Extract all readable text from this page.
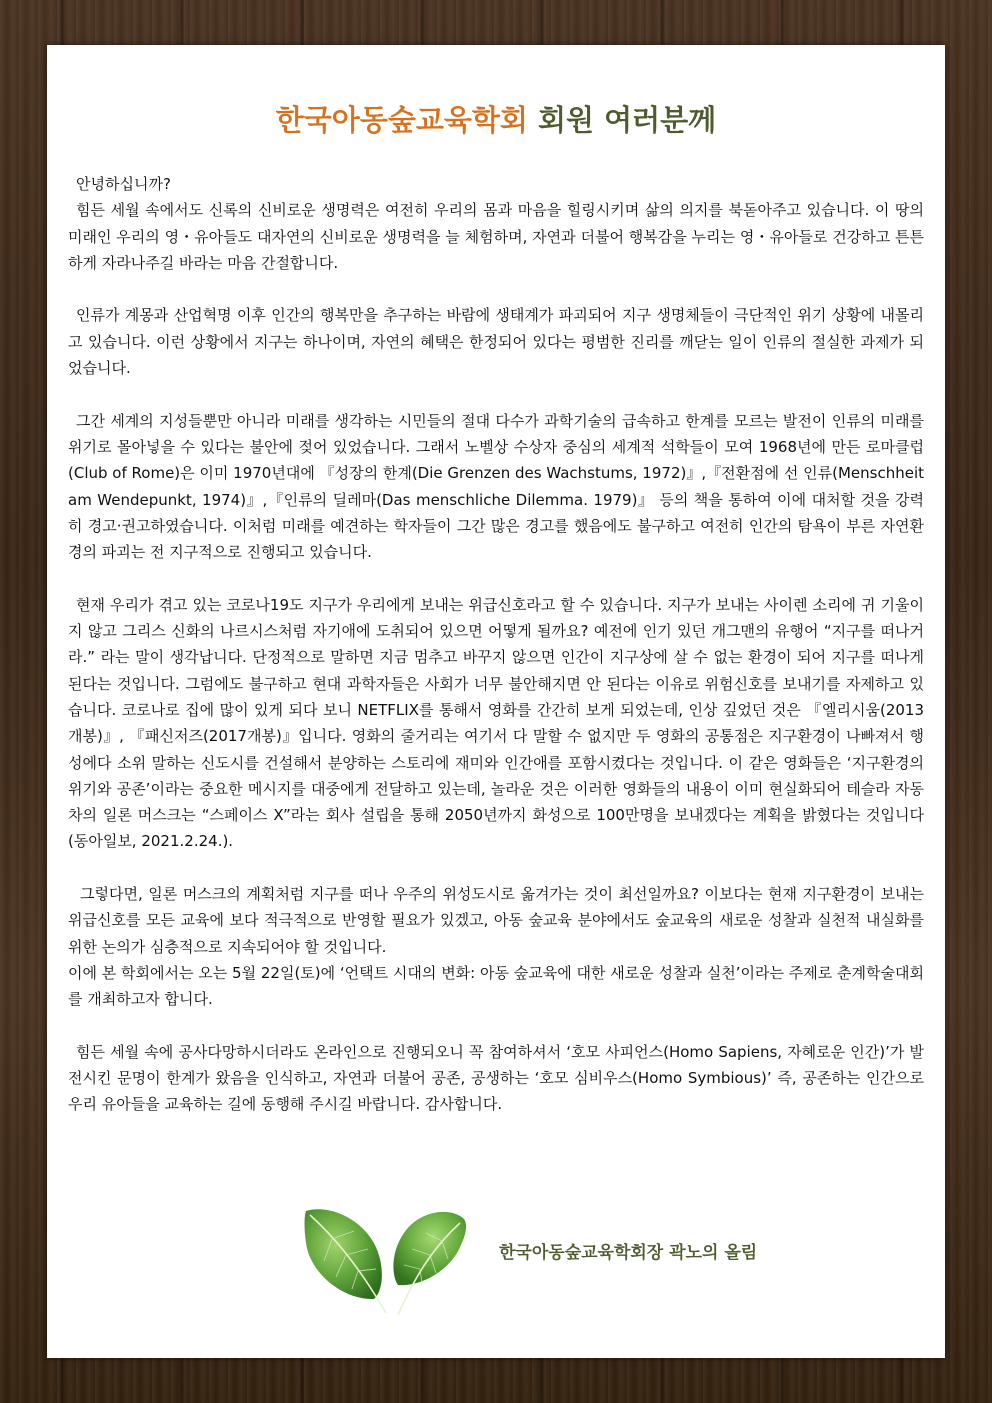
한국아동숲교육학회 회원 여러분께

안녕하십니까?

힘든 세월 속에서도 신록의 신비로운 생명력은 여전히 우리의 몸과 마음을 힐링시키며 삶의 의지를 북돋아주고 있습니다. 이 땅의 미래인 우리의 영・유아들도 대자연의 신비로운 생명력을 늘 체험하며, 자연과 더불어 행복감을 누리는 영・유아들로 건강하고 튼튼하게 자라나주길 바라는 마음 간절합니다.

인류가 계몽과 산업혁명 이후 인간의 행복만을 추구하는 바람에 생태계가 파괴되어 지구 생명체들이 극단적인 위기 상황에 내몰리고 있습니다. 이런 상황에서 지구는 하나이며, 자연의 혜택은 한정되어 있다는 평범한 진리를 깨닫는 일이 인류의 절실한 과제가 되었습니다.

그간 세계의 지성들뿐만 아니라 미래를 생각하는 시민들의 절대 다수가 과학기술의 급속하고 한계를 모르는 발전이 인류의 미래를 위기로 몰아넣을 수 있다는 불안에 젖어 있었습니다. 그래서 노벨상 수상자 중심의 세계적 석학들이 모여 1968년에 만든 로마클럽(Club of Rome)은 이미 1970년대에 『성장의 한계(Die Grenzen des Wachstums, 1972)』,『전환점에 선 인류(Menschheit am Wendepunkt, 1974)』,『인류의 딜레마(Das menschliche Dilemma. 1979)』 등의 책을 통하여 이에 대처할 것을 강력히 경고·권고하였습니다. 이처럼 미래를 예견하는 학자들이 그간 많은 경고를 했음에도 불구하고 여전히 인간의 탐욕이 부른 자연환경의 파괴는 전 지구적으로 진행되고 있습니다.

현재 우리가 겪고 있는 코로나19도 지구가 우리에게 보내는 위급신호라고 할 수 있습니다. 지구가 보내는 사이렌 소리에 귀 기울이지 않고 그리스 신화의 나르시스처럼 자기애에 도취되어 있으면 어떻게 될까요? 예전에 인기 있던 개그맨의 유행어 “지구를 떠나거라.” 라는 말이 생각납니다. 단정적으로 말하면 지금 멈추고 바꾸지 않으면 인간이 지구상에 살 수 없는 환경이 되어 지구를 떠나게 된다는 것입니다. 그럼에도 불구하고 현대 과학자들은 사회가 너무 불안해지면 안 된다는 이유로 위험신호를 보내기를 자제하고 있습니다. 코로나로 집에 많이 있게 되다 보니 NETFLIX를 통해서 영화를 간간히 보게 되었는데, 인상 깊었던 것은 『엘리시움(2013개봉)』, 『패신저즈(2017개봉)』입니다. 영화의 줄거리는 여기서 다 말할 수 없지만 두 영화의 공통점은 지구환경이 나빠져서 행성에다 소위 말하는 신도시를 건설해서 분양하는 스토리에 재미와 인간애를 포함시켰다는 것입니다. 이 같은 영화들은 ‘지구환경의 위기와 공존’이라는 중요한 메시지를 대중에게 전달하고 있는데, 놀라운 것은 이러한 영화들의 내용이 이미 현실화되어 테슬라 자동차의 일론 머스크는 “스페이스 X”라는 회사 설립을 통해 2050년까지 화성으로 100만명을 보내겠다는 계획을 밝혔다는 것입니다(동아일보, 2021.2.24.).

그렇다면, 일론 머스크의 계획처럼 지구를 떠나 우주의 위성도시로 옮겨가는 것이 최선일까요? 이보다는 현재 지구환경이 보내는 위급신호를 모든 교육에 보다 적극적으로 반영할 필요가 있겠고, 아동 숲교육 분야에서도 숲교육의 새로운 성찰과 실천적 내실화를 위한 논의가 심층적으로 지속되어야 할 것입니다.

이에 본 학회에서는 오는 5월 22일(토)에 ‘언택트 시대의 변화: 아동 숲교육에 대한 새로운 성찰과 실천’이라는 주제로 춘계학술대회를 개최하고자 합니다.

힘든 세월 속에 공사다망하시더라도 온라인으로 진행되오니 꼭 참여하셔서 ‘호모 사피언스(Homo Sapiens, 자혜로운 인간)’가 발전시킨 문명이 한계가 왔음을 인식하고, 자연과 더불어 공존, 공생하는 ‘호모 심비우스(Homo Symbious)’ 즉, 공존하는 인간으로 우리 유아들을 교육하는 길에 동행해 주시길 바랍니다. 감사합니다.

한국아동숲교육학회장 곽노의 올림
